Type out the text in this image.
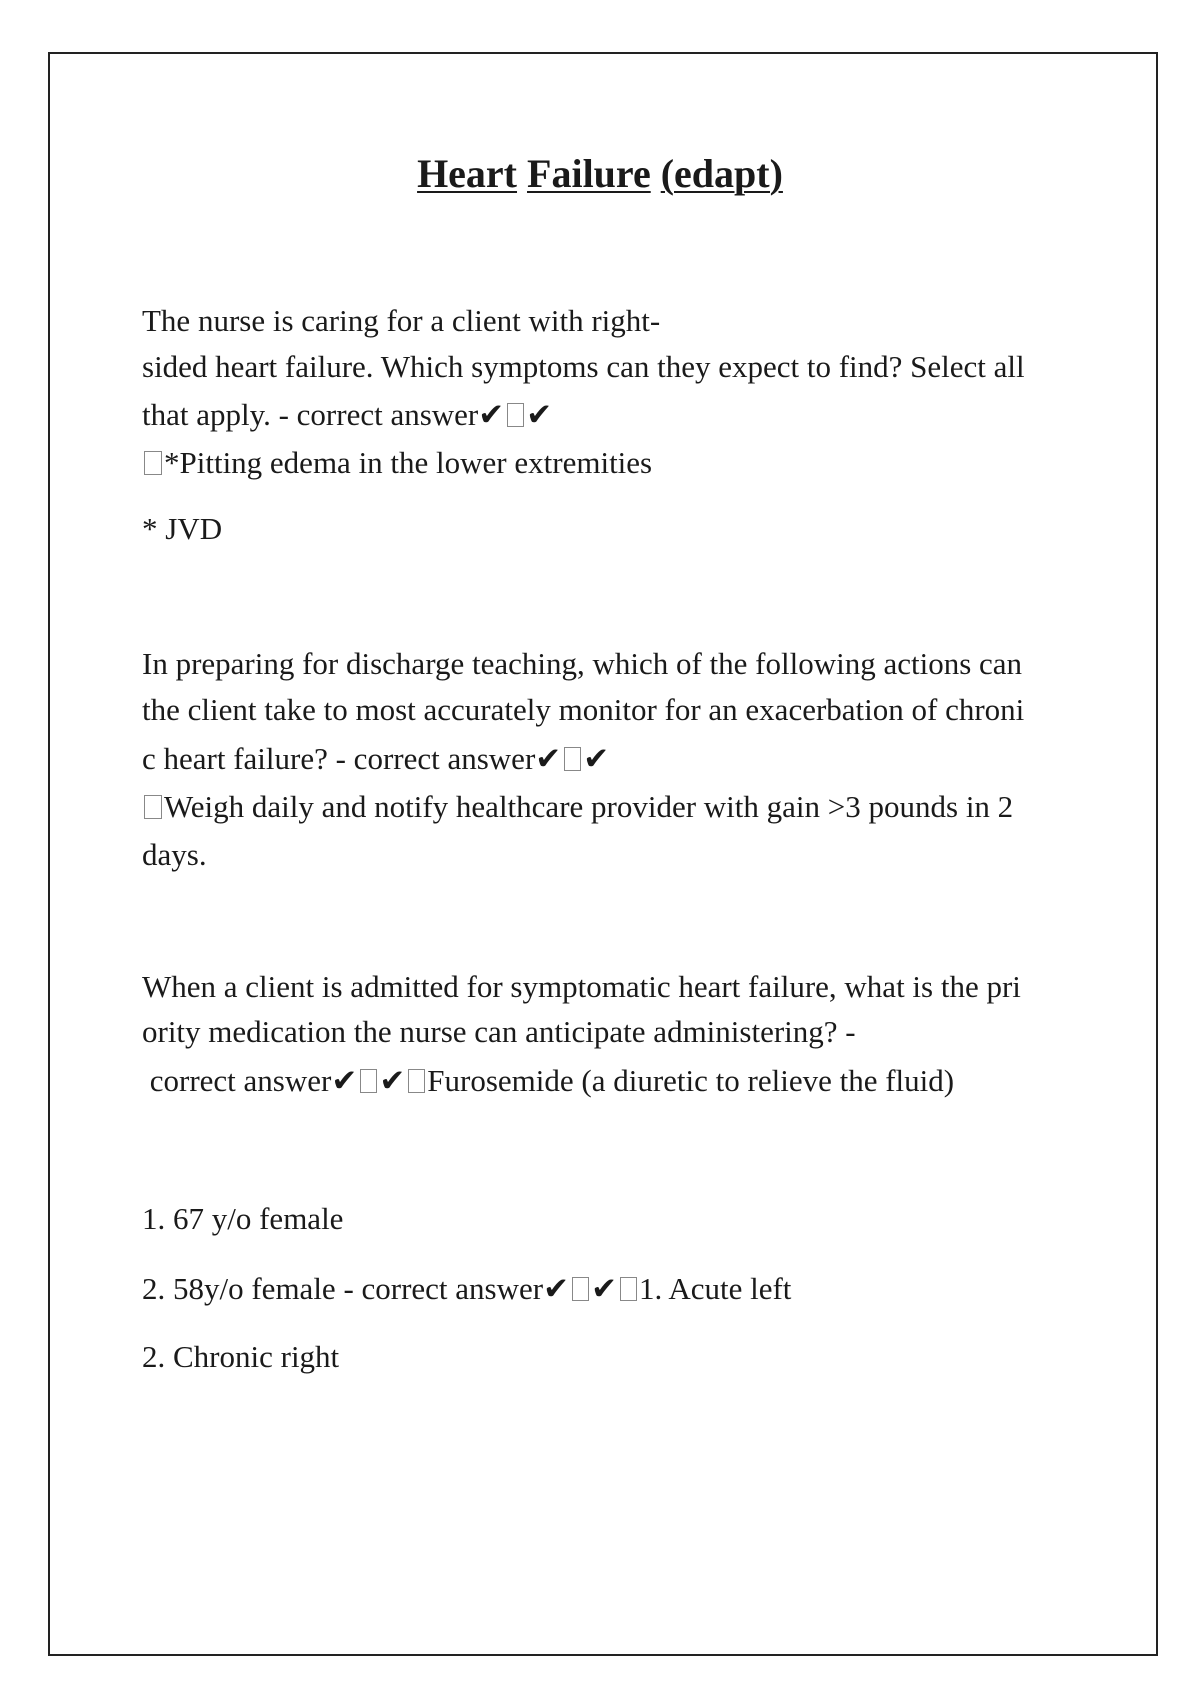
Heart Failure (edapt)
The nurse is caring for a client with right-
sided heart failure. Which symptoms can they expect to find? Select all
that apply. - correct answer✔ ✔
*Pitting edema in the lower extremities
* JVD
In preparing for discharge teaching, which of the following actions can
the client take to most accurately monitor for an exacerbation of chroni
c heart failure? - correct answer✔ ✔
Weigh daily and notify healthcare provider with gain >3 pounds in 2
days.
When a client is admitted for symptomatic heart failure, what is the pri
ority medication the nurse can anticipate administering? -
correct answer✔ ✔ Furosemide (a diuretic to relieve the fluid)
1. 67 y/o female
2. 58y/o female - correct answer✔ ✔ 1. Acute left
2. Chronic right
